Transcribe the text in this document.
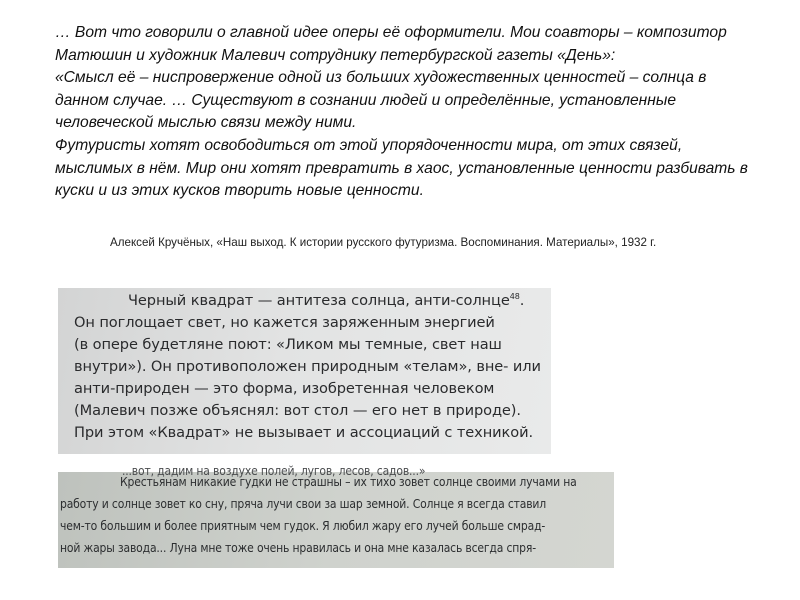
… Вот что говорили о главной идее оперы её оформители. Мои соавторы – композитор Матюшин и художник Малевич сотруднику петербургской газеты «День»:

«Смысл её – ниспровержение одной из больших художественных ценностей – солнца в данном случае. … Существуют в сознании людей и определённые, установленные человеческой мыслью связи между ними.

Футуристы хотят освободиться от этой упорядоченности мира, от этих связей, мыслимых в нём. Мир они хотят превратить в хаос, установленные ценности разбивать в куски и из этих кусков творить новые ценности.

Алексей Кручёных, «Наш выход. К истории русского футуризма. Воспоминания. Материалы», 1932 г.
Черный квадрат — антитеза солнца, анти-солнце$^{48}$.
Он поглощает свет, но кажется заряженным энергией
(в опере будетляне поют: «Ликом мы темные, свет наш
внутри»). Он противоположен природным «телам», вне- или
анти-природен — это форма, изобретенная человеком
(Малевич позже объяснял: вот стол — его нет в природе).
При этом «Квадрат» не вызывает и ассоциаций с техникой.
...вот, дадим на воздухе полей, лугов, лесов, садов...»
Крестьянам никакие гудки не страшны – их тихо зовет солнце своими лучами на
работу и солнце зовет ко сну, пряча лучи свои за шар земной. Солнце я всегда ставил
чем-то большим и более приятным чем гудок. Я любил жару его лучей больше смрад-
ной жары завода... Луна мне тоже очень нравилась и она мне казалась всегда спря-
